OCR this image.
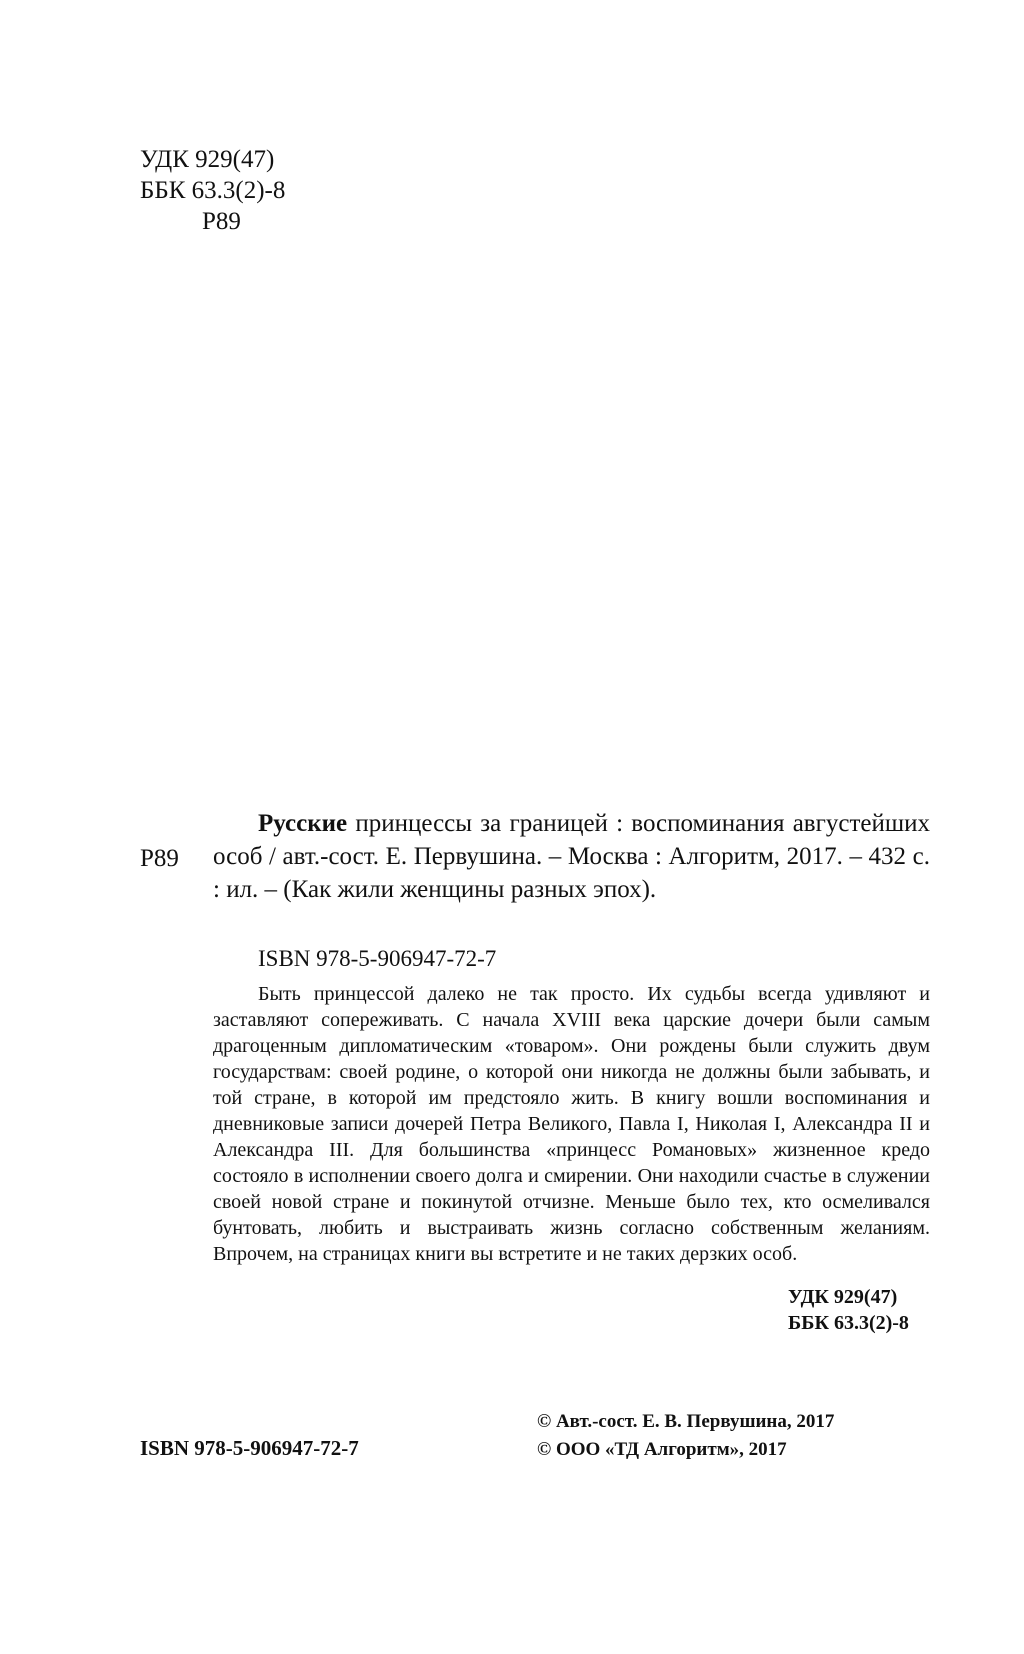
УДК 929(47)
ББК 63.3(2)-8
Р89
Р89
Русские принцессы за границей : воспоминания августейших особ / авт.-сост. Е. Первушина. – Москва : Алгоритм, 2017. – 432 с. : ил. – (Как жили женщины разных эпох).
ISBN 978-5-906947-72-7
Быть принцессой далеко не так просто. Их судьбы всегда удивляют и заставляют сопереживать. С начала XVIII века царские дочери были самым драгоценным дипломатическим «товаром». Они рождены были служить двум государствам: своей родине, о которой они никогда не должны были забывать, и той стране, в которой им предстояло жить. В книгу вошли воспоминания и дневниковые записи дочерей Петра Великого, Павла I, Николая I, Александра II и Александра III. Для большинства «принцесс Романовых» жизненное кредо состояло в исполнении своего долга и смирении. Они находили счастье в служении своей новой стране и покинутой отчизне. Меньше было тех, кто осмеливался бунтовать, любить и выстраивать жизнь согласно собственным желаниям. Впрочем, на страницах книги вы встретите и не таких дерзких особ.
УДК 929(47)
ББК 63.3(2)-8
ISBN 978-5-906947-72-7
© Авт.-сост. Е. В. Первушина, 2017
© ООО «ТД Алгоритм», 2017
